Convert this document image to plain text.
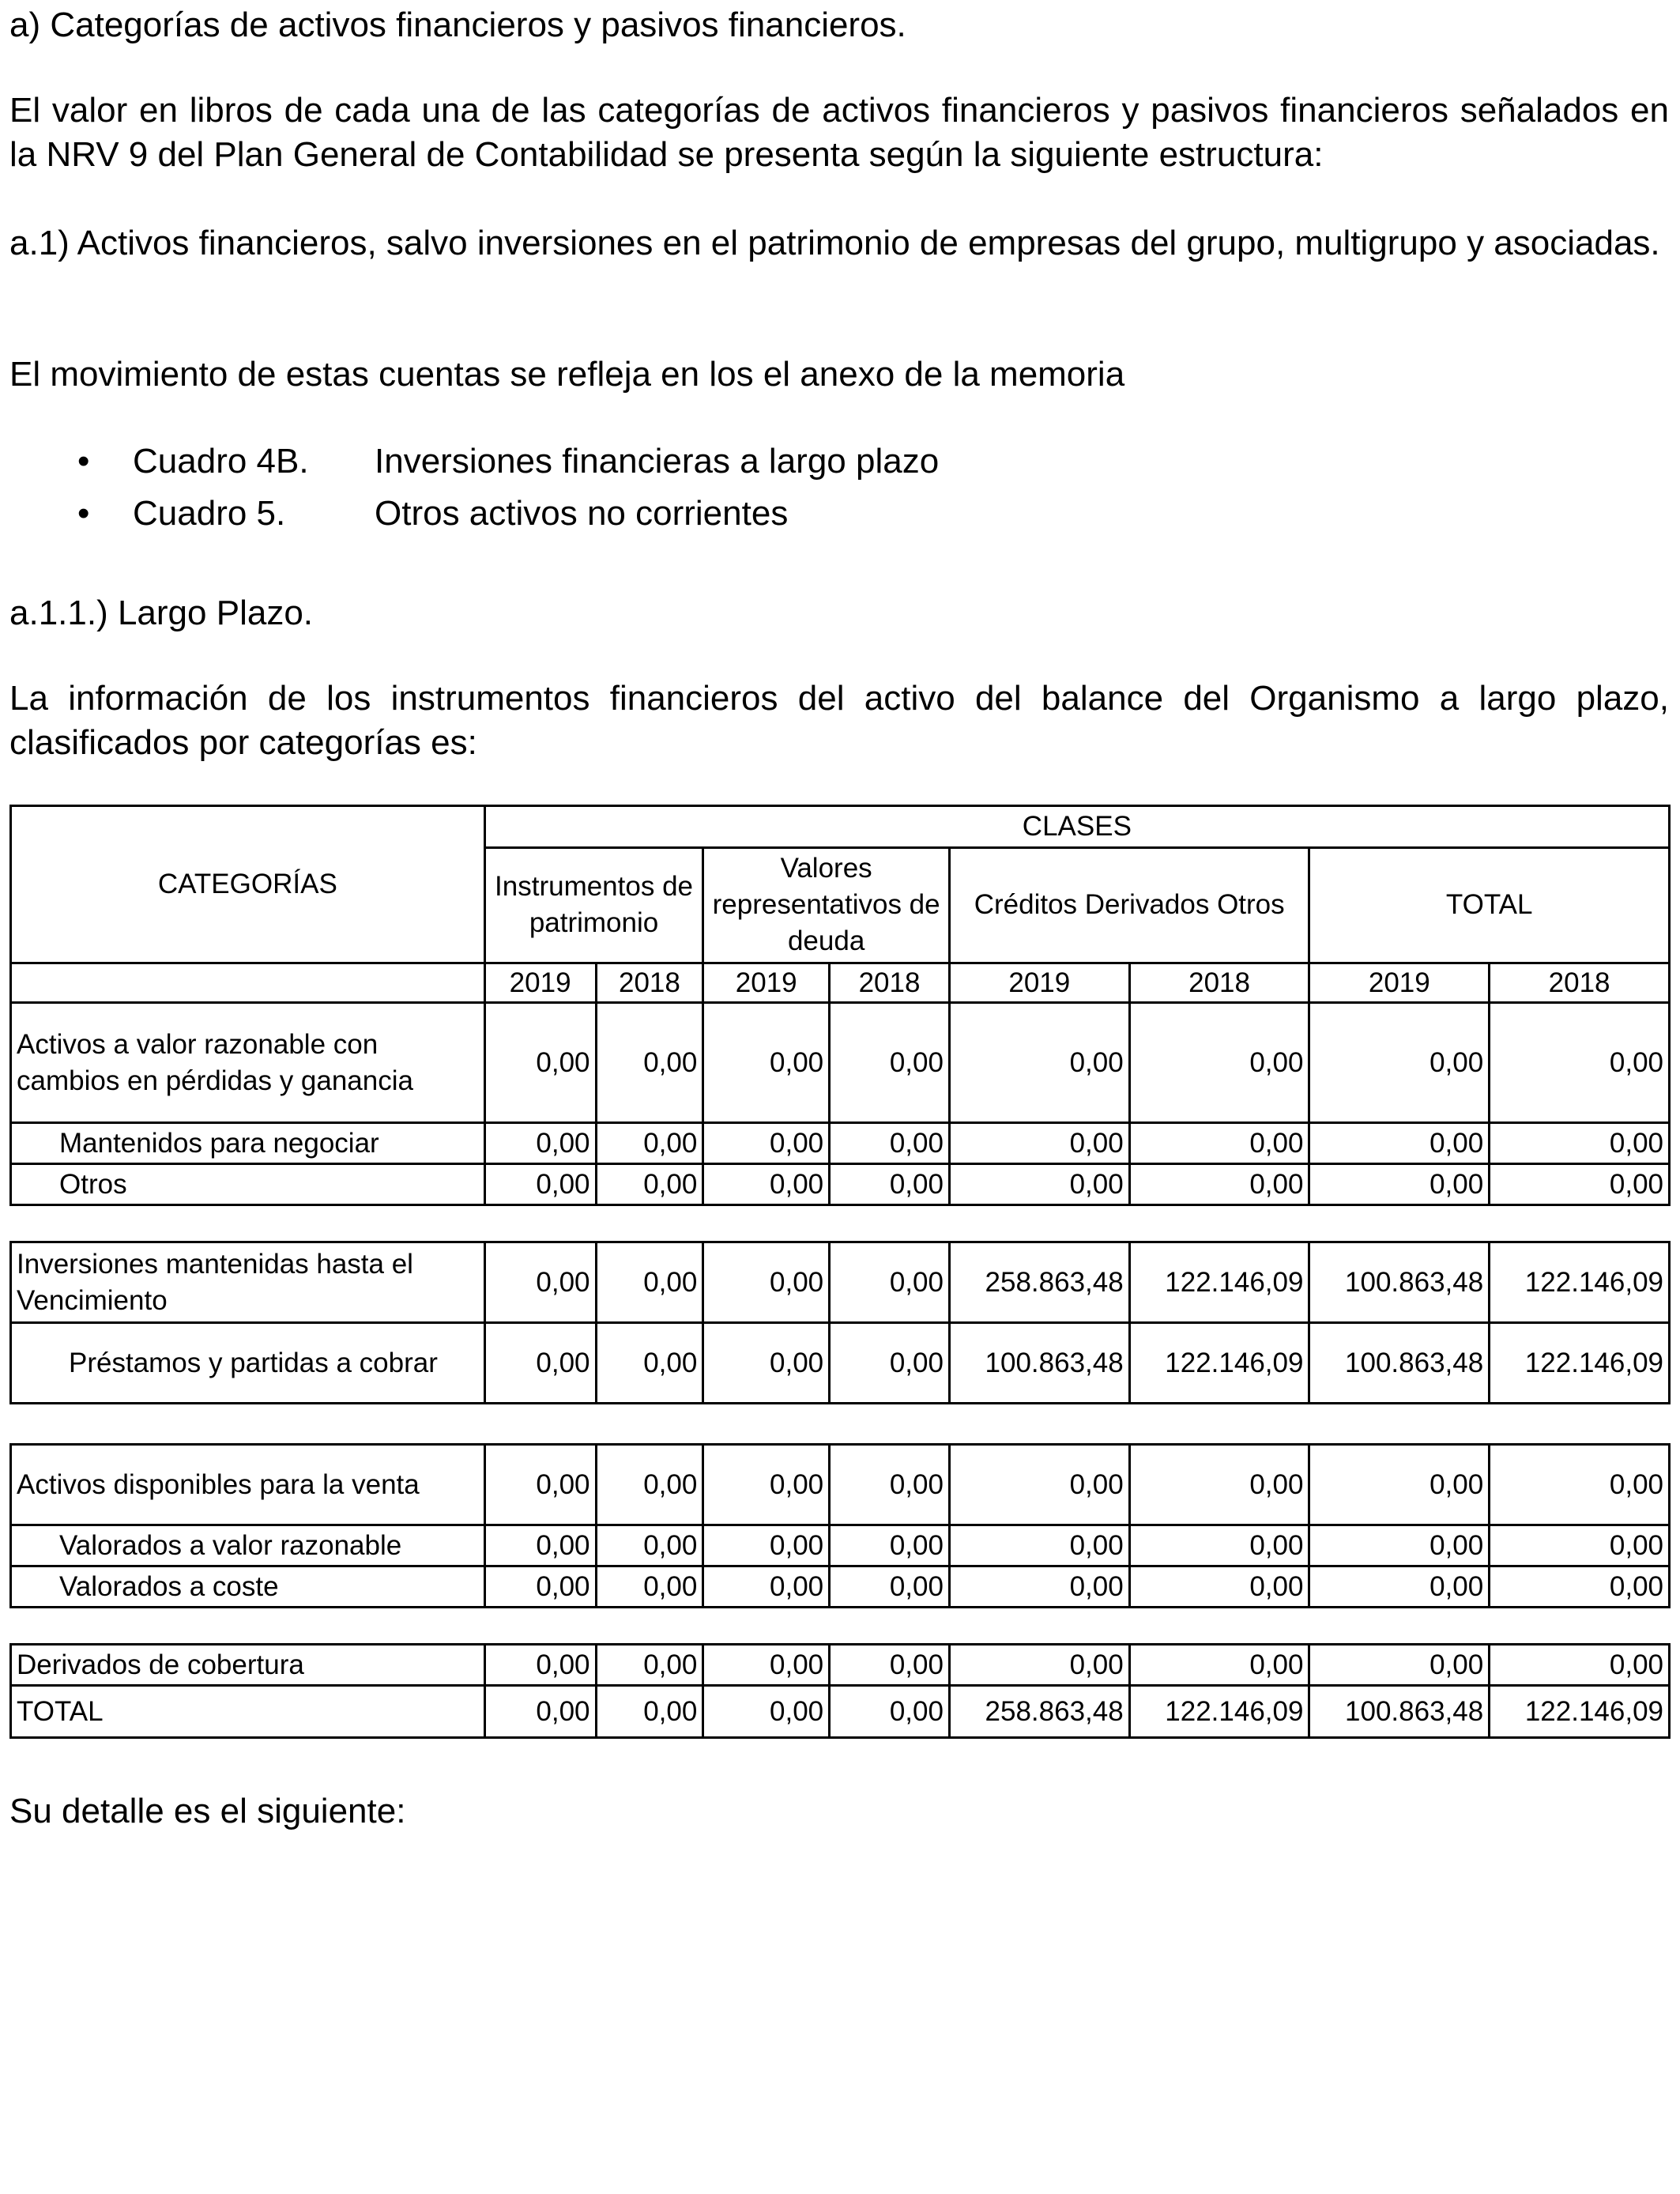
a) Categorías de activos financieros y pasivos financieros.

El valor en libros de cada una de las categorías de activos financieros y pasivos financieros señalados en la NRV 9 del Plan General de Contabilidad se presenta según la siguiente estructura:

a.1) Activos financieros, salvo inversiones en el patrimonio de empresas del grupo, multigrupo y asociadas.

El movimiento de estas cuentas se refleja en los el anexo de la memoria

• Cuadro 4B. Inversiones financieras a largo plazo
• Cuadro 5.	Otros activos no corrientes

a.1.1.) Largo Plazo.

La información de los instrumentos financieros del activo del balance del Organismo a largo plazo, clasificados por categorías es:

CATEGORÍAS	CLASES							
	Instrumentos de patrimonio		Valores representativos de deuda		Créditos Derivados Otros		TOTAL	
	2019	2018	2019	2018	2019	2018	2019	2018
Activos a valor razonable con cambios en pérdidas y ganancia	0,00	0,00	0,00	0,00	0,00	0,00	0,00	0,00
Mantenidos para negociar	0,00	0,00	0,00	0,00	0,00	0,00	0,00	0,00
Otros	0,00	0,00	0,00	0,00	0,00	0,00	0,00	0,00

Inversiones mantenidas hasta el Vencimiento	0,00	0,00	0,00	0,00	258.863,48	122.146,09	100.863,48	122.146,09
Préstamos y partidas a cobrar	0,00	0,00	0,00	0,00	100.863,48	122.146,09	100.863,48	122.146,09

Activos disponibles para la venta	0,00	0,00	0,00	0,00	0,00	0,00	0,00	0,00
Valorados a valor razonable	0,00	0,00	0,00	0,00	0,00	0,00	0,00	0,00
Valorados a coste	0,00	0,00	0,00	0,00	0,00	0,00	0,00	0,00

Derivados de cobertura	0,00	0,00	0,00	0,00	0,00	0,00	0,00	0,00
TOTAL	0,00	0,00	0,00	0,00	258.863,48	122.146,09	100.863,48	122.146,09

Su detalle es el siguiente:
